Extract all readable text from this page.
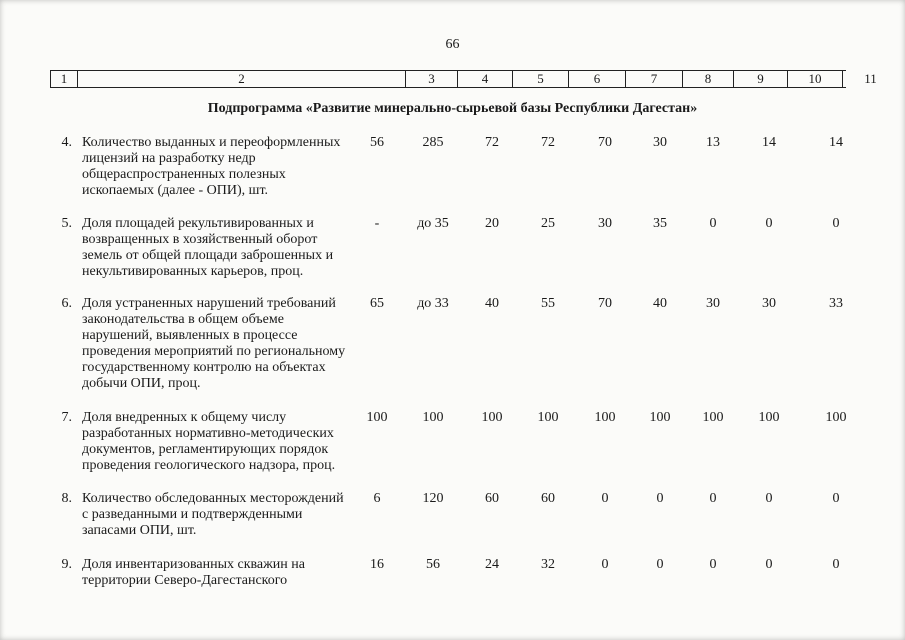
66
1	2	3	4	5	6	7	8	9	10	11
Подпрограмма «Развитие минерально-сырьевой базы Республики Дагестан»
4. Количество выданных и переоформленных лицензий на разработку недр общераспространенных полезных ископаемых (далее - ОПИ), шт.
56	285	72	72	70	30	13	14	14
5. Доля площадей рекультивированных и возвращенных в хозяйственный оборот земель от общей площади заброшенных и некультивированных карьеров, проц.
-	до 35	20	25	30	35	0	0	0
6. Доля устраненных нарушений требований законодательства в общем объеме нарушений, выявленных в процессе проведения мероприятий по региональному государственному контролю на объектах добычи ОПИ, проц.
65	до 33	40	55	70	40	30	30	33
7. Доля внедренных к общему числу разработанных нормативно-методических документов, регламентирующих порядок проведения геологического надзора, проц.
100	100	100	100	100	100	100	100	100
8. Количество обследованных месторождений с разведанными и подтвержденными запасами ОПИ, шт.
6	120	60	60	0	0	0	0	0
9. Доля инвентаризованных скважин на территории Северо-Дагестанского
16	56	24	32	0	0	0	0	0
